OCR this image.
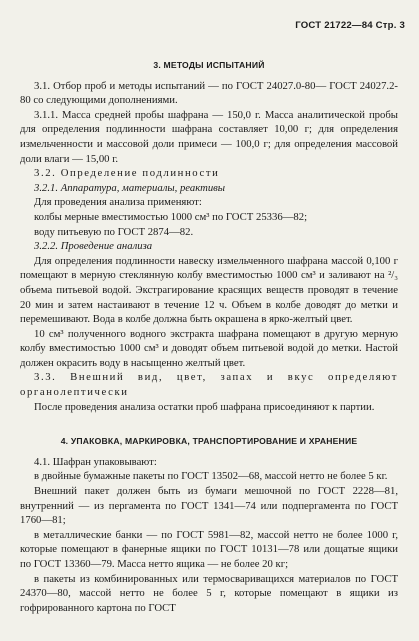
ГОСТ 21722—84 Стр. 3
3. МЕТОДЫ ИСПЫТАНИЙ

3.1. Отбор проб и методы испытаний — по ГОСТ 24027.0-80— ГОСТ 24027.2-80 со следующими дополнениями.

3.1.1. Масса средней пробы шафрана — 150,0 г. Масса аналитической пробы для определения подлинности шафрана составляет 10,00 г; для определения измельченности и массовой доли примеси — 100,0 г; для определения массовой доли влаги — 15,00 г.

3.2. Определение подлинности

3.2.1. Аппаратура, материалы, реактивы

Для проведения анализа применяют:

колбы мерные вместимостью 1000 см³ по ГОСТ 25336—82;

воду питьевую по ГОСТ 2874—82.

3.2.2. Проведение анализа

Для определения подлинности навеску измельченного шафрана массой 0,100 г помещают в мерную стеклянную колбу вместимостью 1000 см³ и заливают на ²/₃ объема питьевой водой. Экстрагирование красящих веществ проводят в течение 20 мин и затем настаивают в течение 12 ч. Объем в колбе доводят до метки и перемешивают. Вода в колбе должна быть окрашена в ярко-желтый цвет.

10 см³ полученного водного экстракта шафрана помещают в другую мерную колбу вместимостью 1000 см³ и доводят объем питьевой водой до метки. Настой должен окрасить воду в насыщенно желтый цвет.

3.3. Внешний вид, цвет, запах и вкус определяют органолептически

После проведения анализа остатки проб шафрана присоединяют к партии.

4. УПАКОВКА, МАРКИРОВКА, ТРАНСПОРТИРОВАНИЕ И ХРАНЕНИЕ

4.1. Шафран упаковывают:

в двойные бумажные пакеты по ГОСТ 13502—68, массой нетто не более 5 кг.

Внешний пакет должен быть из бумаги мешочной по ГОСТ 2228—81, внутренний — из пергамента по ГОСТ 1341—74 или подпергамента по ГОСТ 1760—81;

в металлические банки — по ГОСТ 5981—82, массой нетто не более 1000 г, которые помещают в фанерные ящики по ГОСТ 10131—78 или дощатые ящики по ГОСТ 13360—79. Масса нетто ящика — не более 20 кг;

в пакеты из комбинированных или термосвариващихся материалов по ГОСТ 24370—80, массой нетто не более 5 г, которые помещают в ящики из гофрированного картона по ГОСТ
